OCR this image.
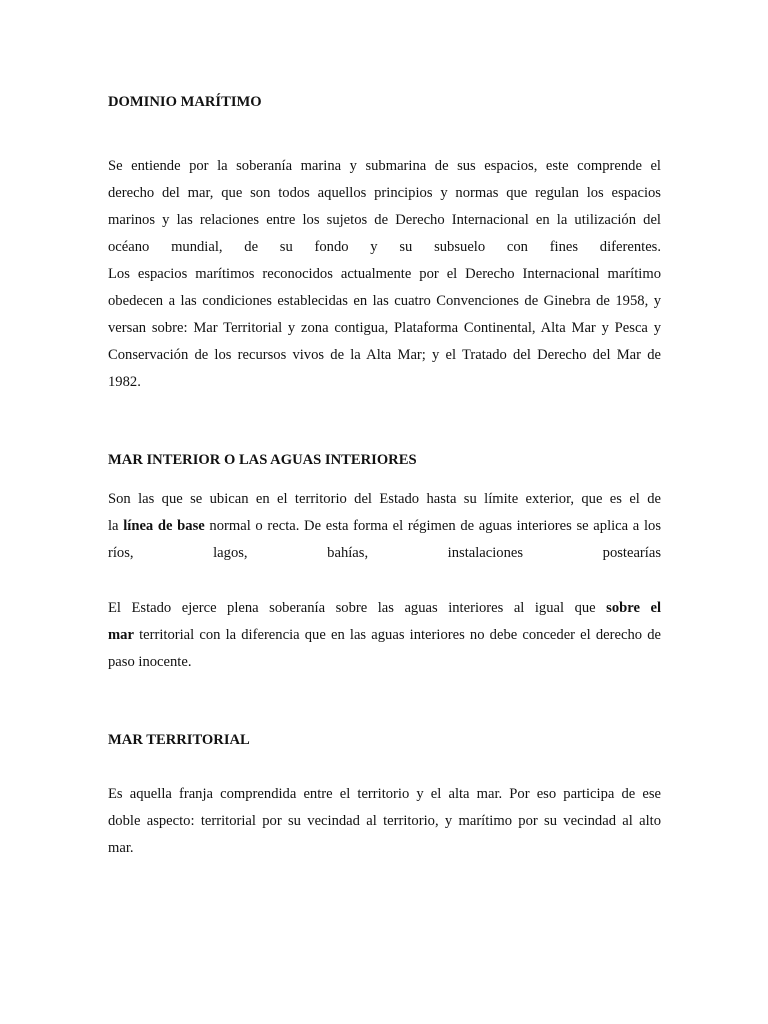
DOMINIO MARÍTIMO
Se entiende por la soberanía marina y submarina de sus espacios, este comprende el
derecho del mar, que son todos aquellos principios y normas que regulan los espacios
marinos y las relaciones entre los sujetos de Derecho Internacional en la utilización del
océano mundial, de su fondo y su subsuelo con fines diferentes.
Los espacios marítimos reconocidos actualmente por el Derecho Internacional marítimo
obedecen a las condiciones establecidas en las cuatro Convenciones de Ginebra de 1958, y
versan sobre: Mar Territorial y zona contigua, Plataforma Continental, Alta Mar y Pesca y
Conservación de los recursos vivos de la Alta Mar; y el Tratado del Derecho del Mar de
1982.
MAR INTERIOR O LAS AGUAS INTERIORES
Son las que se ubican en el territorio del Estado hasta su límite exterior, que es el de
la línea de base normal o recta. De esta forma el régimen de aguas interiores se aplica a los
ríos, lagos, bahías, instalaciones postearías
El Estado ejerce plena soberanía sobre las aguas interiores al igual que sobre el
mar territorial con la diferencia que en las aguas interiores no debe conceder el derecho de
paso inocente.
MAR TERRITORIAL
Es aquella franja comprendida entre el territorio y el alta mar. Por eso participa de ese
doble aspecto: territorial por su vecindad al territorio, y marítimo por su vecindad al alto
mar.
